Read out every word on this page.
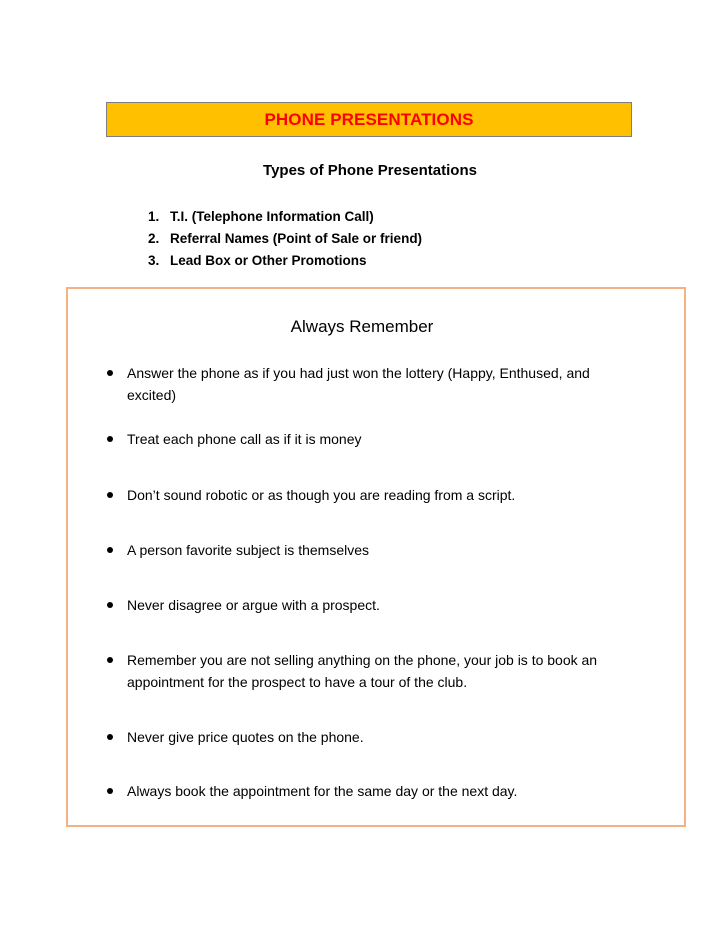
PHONE PRESENTATIONS
Types of Phone Presentations
1. T.I. (Telephone Information Call)
2. Referral Names (Point of Sale or friend)
3. Lead Box or Other Promotions
Always Remember
Answer the phone as if you had just won the lottery (Happy, Enthused, and excited)
Treat each phone call as if it is money
Don’t sound robotic or as though you are reading from a script.
A person favorite subject is themselves
Never disagree or argue with a prospect.
Remember you are not selling anything on the phone, your job is to book an appointment for the prospect to have a tour of the club.
Never give price quotes on the phone.
Always book the appointment for the same day or the next day.
